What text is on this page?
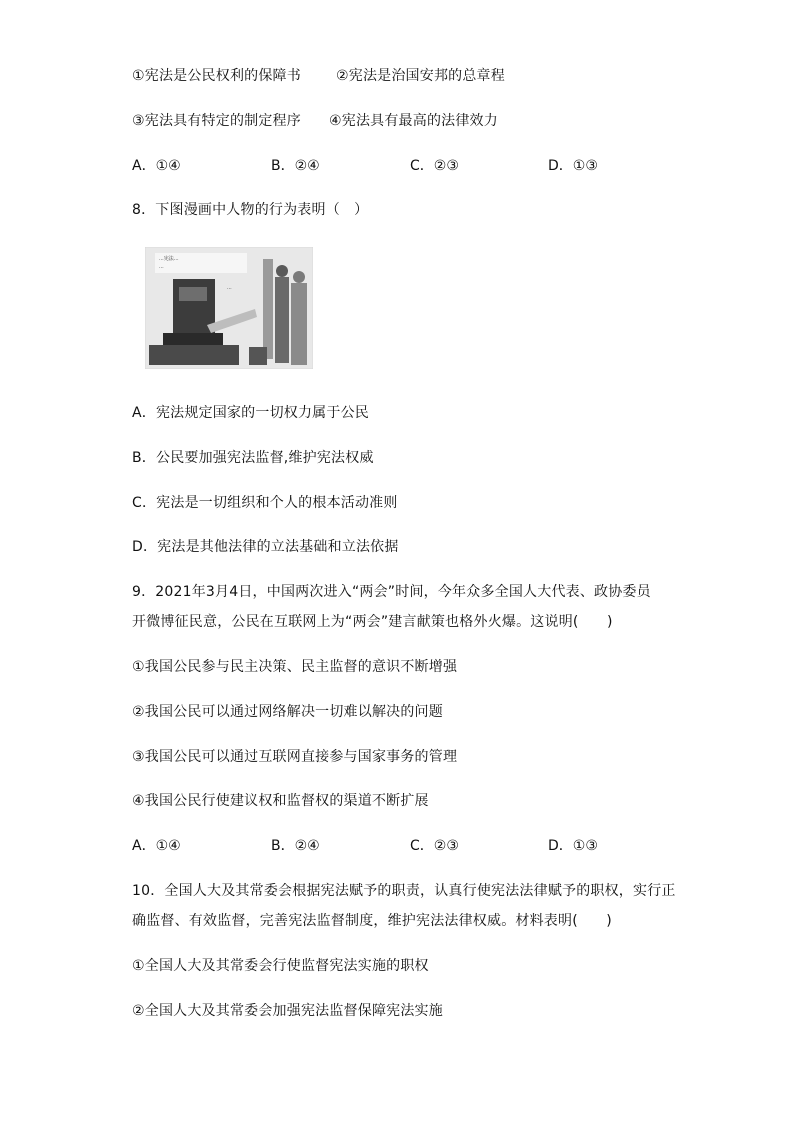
①宪法是公民权利的保障书	②宪法是治国安邦的总章程
③宪法具有特定的制定程序 ④宪法具有最高的法律效力
A．①④	B．②④	C．②③	D．①③
8．下图漫画中人物的行为表明（　）
...宪法...
...
...
A．宪法规定国家的一切权力属于公民
B．公民要加强宪法监督,维护宪法权威
C．宪法是一切组织和个人的根本活动准则
D．宪法是其他法律的立法基础和立法依据
9．2021年3月4日，中国两次进入“两会”时间，今年众多全国人大代表、政协委员
开微博征民意，公民在互联网上为“两会”建言献策也格外火爆。这说明(　　)
①我国公民参与民主决策、民主监督的意识不断增强
②我国公民可以通过网络解决一切难以解决的问题
③我国公民可以通过互联网直接参与国家事务的管理
④我国公民行使建议权和监督权的渠道不断扩展
A．①④	B．②④	C．②③	D．①③
10．全国人大及其常委会根据宪法赋予的职责，认真行使宪法法律赋予的职权，实行正
确监督、有效监督，完善宪法监督制度，维护宪法法律权威。材料表明(　　)
①全国人大及其常委会行使监督宪法实施的职权
②全国人大及其常委会加强宪法监督保障宪法实施
